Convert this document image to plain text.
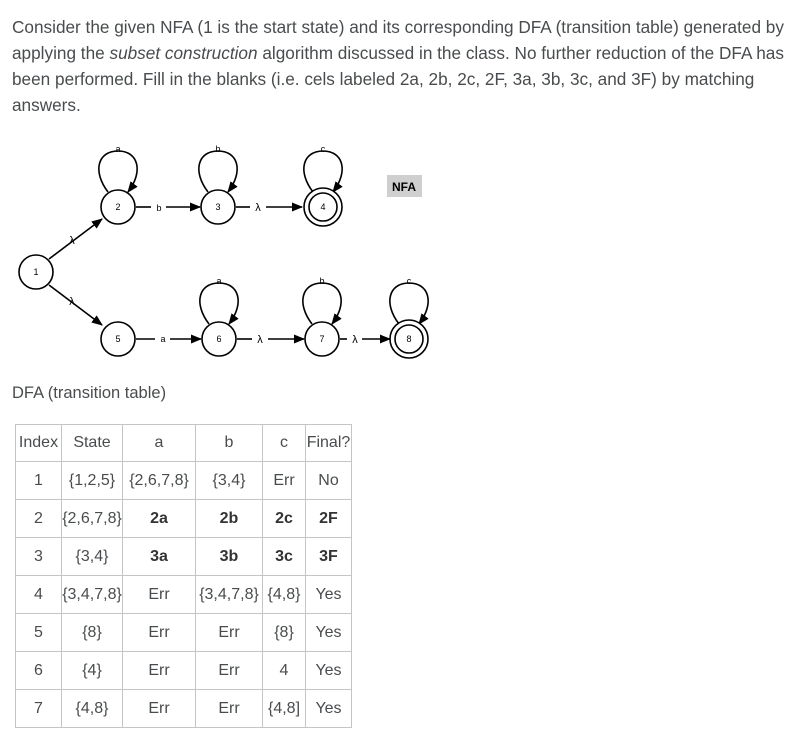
Consider the given NFA (1 is the start state) and its corresponding DFA (transition table) generated by applying the subset construction algorithm discussed in the class. No further reduction of the DFA has been performed. Fill in the blanks (i.e. cels labeled 2a, 2b, 2c, 2F, 3a, 3b, 3c, and 3F) by matching answers.
1
2	3	4
5	6	7	8
a	b	c
a	b	c
λ
λ
b	λ
a	λ	λ
NFA
DFA (transition table)
Index	State	a	b	c	Final?
1	{1,2,5}	{2,6,7,8}	{3,4}	Err	No
2	{2,6,7,8}	2a	2b	2c	2F
3	{3,4}	3a	3b	3c	3F
4	{3,4,7,8}	Err	{3,4,7,8}	{4,8}	Yes
5	{8}	Err	Err	{8}	Yes
6	{4}	Err	Err	4	Yes
7	{4,8}	Err	Err	{4,8]	Yes
